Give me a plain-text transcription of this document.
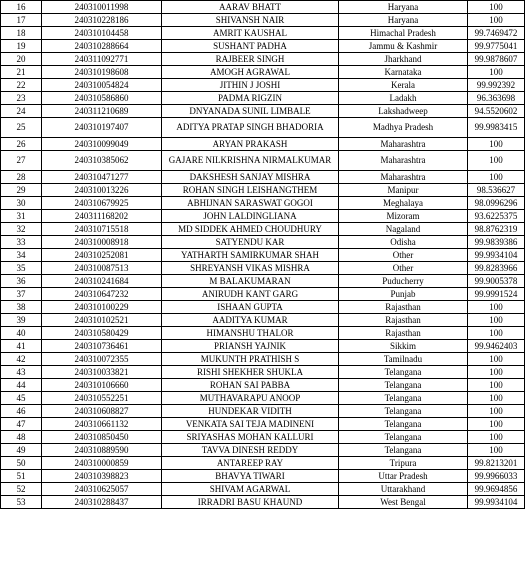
16	240310011998	AARAV BHATT	Haryana	100
17	240310228186	SHIVANSH NAIR	Haryana	100
18	240310104458	AMRIT KAUSHAL	Himachal Pradesh	99.7469472
19	240310288664	SUSHANT PADHA	Jammu & Kashmir	99.9775041
20	240311092771	RAJBEER SINGH	Jharkhand	99.9878607
21	240310198608	AMOGH AGRAWAL	Karnataka	100
22	240310054824	JITHIN J JOSHI	Kerala	99.992392
23	240310586860	PADMA RIGZIN	Ladakh	96.363698
24	240311210689	DNYANADA SUNIL LIMBALE	Lakshadweep	94.5520602
25	240310197407	ADITYA PRATAP SINGH BHADORIA	Madhya Pradesh	99.9983415
26	240310099049	ARYAN PRAKASH	Maharashtra	100
27	240310385062	GAJARE NILKRISHNA NIRMALKUMAR	Maharashtra	100
28	240310471277	DAKSHESH SANJAY MISHRA	Maharashtra	100
29	240310013226	ROHAN SINGH LEISHANGTHEM	Manipur	98.536627
30	240310679925	ABHIJNAN SARASWAT GOGOI	Meghalaya	98.0996296
31	240311168202	JOHN LALDINGLIANA	Mizoram	93.6225375
32	240310715518	MD SIDDEK AHMED CHOUDHURY	Nagaland	98.8762319
33	240310008918	SATYENDU KAR	Odisha	99.9839386
34	240310252081	YATHARTH SAMIRKUMAR SHAH	Other	99.9934104
35	240310087513	SHREYANSH VIKAS MISHRA	Other	99.8283966
36	240310241684	M BALAKUMARAN	Puducherry	99.9005378
37	240310647232	ANIRUDH KANT GARG	Punjab	99.9991524
38	240310100229	ISHAAN GUPTA	Rajasthan	100
39	240310102521	AADITYA KUMAR	Rajasthan	100
40	240310580429	HIMANSHU THALOR	Rajasthan	100
41	240310736461	PRIANSH YAJNIK	Sikkim	99.9462403
42	240310072355	MUKUNTH PRATHISH S	Tamilnadu	100
43	240310033821	RISHI SHEKHER SHUKLA	Telangana	100
44	240310106660	ROHAN SAI PABBA	Telangana	100
45	240310552251	MUTHAVARAPU ANOOP	Telangana	100
46	240310608827	HUNDEKAR VIDITH	Telangana	100
47	240310661132	VENKATA SAI TEJA MADINENI	Telangana	100
48	240310850450	SRIYASHAS MOHAN KALLURI	Telangana	100
49	240310889590	TAVVA DINESH REDDY	Telangana	100
50	240310000859	ANTAREEP RAY	Tripura	99.8213201
51	240310398823	BHAVYA TIWARI	Uttar Pradesh	99.9966033
52	240310625057	SHIVAM AGARWAL	Uttarakhand	99.9694856
53	240310288437	IRRADRI BASU KHAUND	West Bengal	99.9934104
